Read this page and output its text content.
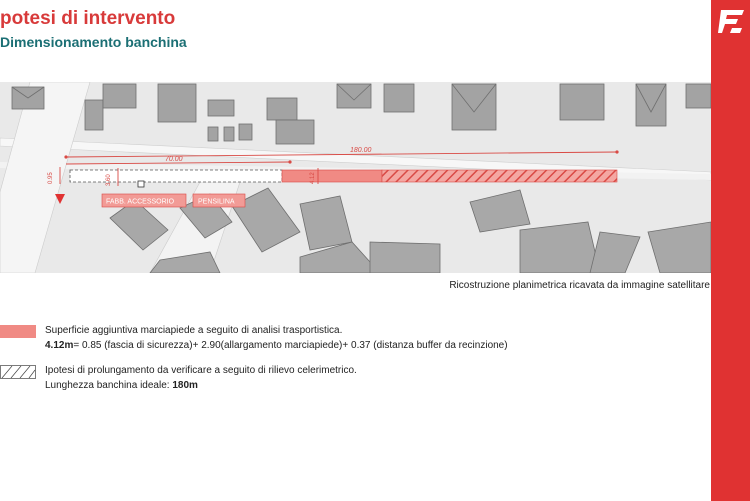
potesi di intervento
Dimensionamento banchina
180.00
70.00
0.95	3.60	4.12
FABB. ACCESSORIO	PENSILINA
Ricostruzione planimetrica ricavata da immagine satellitare
Superficie aggiuntiva marciapiede a seguito di analisi trasportistica.
4.12m= 0.85 (fascia di sicurezza)+ 2.90(allargamento marciapiede)+ 0.37 (distanza buffer da recinzione)
Ipotesi di prolungamento da verificare a seguito di rilievo celerimetrico.
Lunghezza banchina ideale: 180m
